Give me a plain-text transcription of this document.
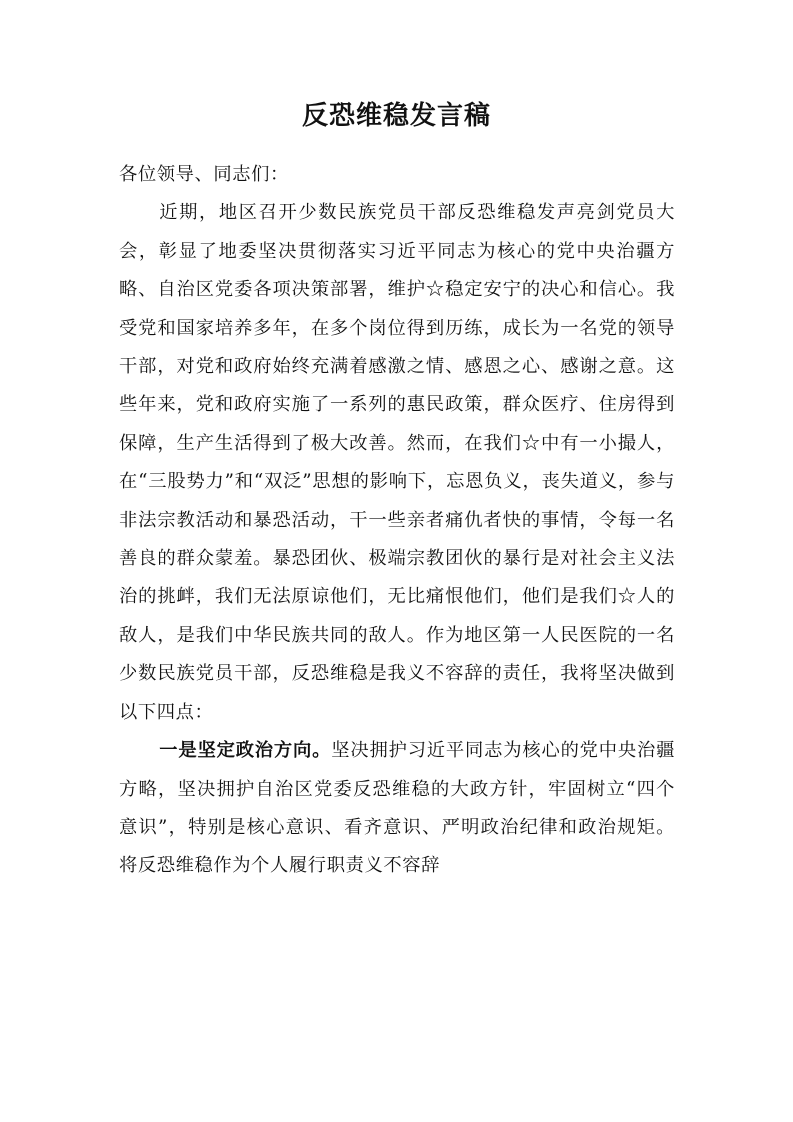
反恐维稳发言稿

各位领导、同志们：

近期，地区召开少数民族党员干部反恐维稳发声亮剑党员大会，彰显了地委坚决贯彻落实习近平同志为核心的党中央治疆方略、自治区党委各项决策部署，维护☆稳定安宁的决心和信心。我受党和国家培养多年，在多个岗位得到历练，成长为一名党的领导干部，对党和政府始终充满着感激之情、感恩之心、感谢之意。这些年来，党和政府实施了一系列的惠民政策，群众医疗、住房得到保障，生产生活得到了极大改善。然而，在我们☆中有一小撮人，在“三股势力”和“双泛”思想的影响下，忘恩负义，丧失道义，参与非法宗教活动和暴恐活动，干一些亲者痛仇者快的事情，令每一名善良的群众蒙羞。暴恐团伙、极端宗教团伙的暴行是对社会主义法治的挑衅，我们无法原谅他们，无比痛恨他们，他们是我们☆人的敌人，是我们中华民族共同的敌人。作为地区第一人民医院的一名少数民族党员干部，反恐维稳是我义不容辞的责任，我将坚决做到以下四点：

一是坚定政治方向。坚决拥护习近平同志为核心的党中央治疆方略，坚决拥护自治区党委反恐维稳的大政方针，牢固树立“四个意识”，特别是核心意识、看齐意识、严明政治纪律和政治规矩。将反恐维稳作为个人履行职责义不容辞
